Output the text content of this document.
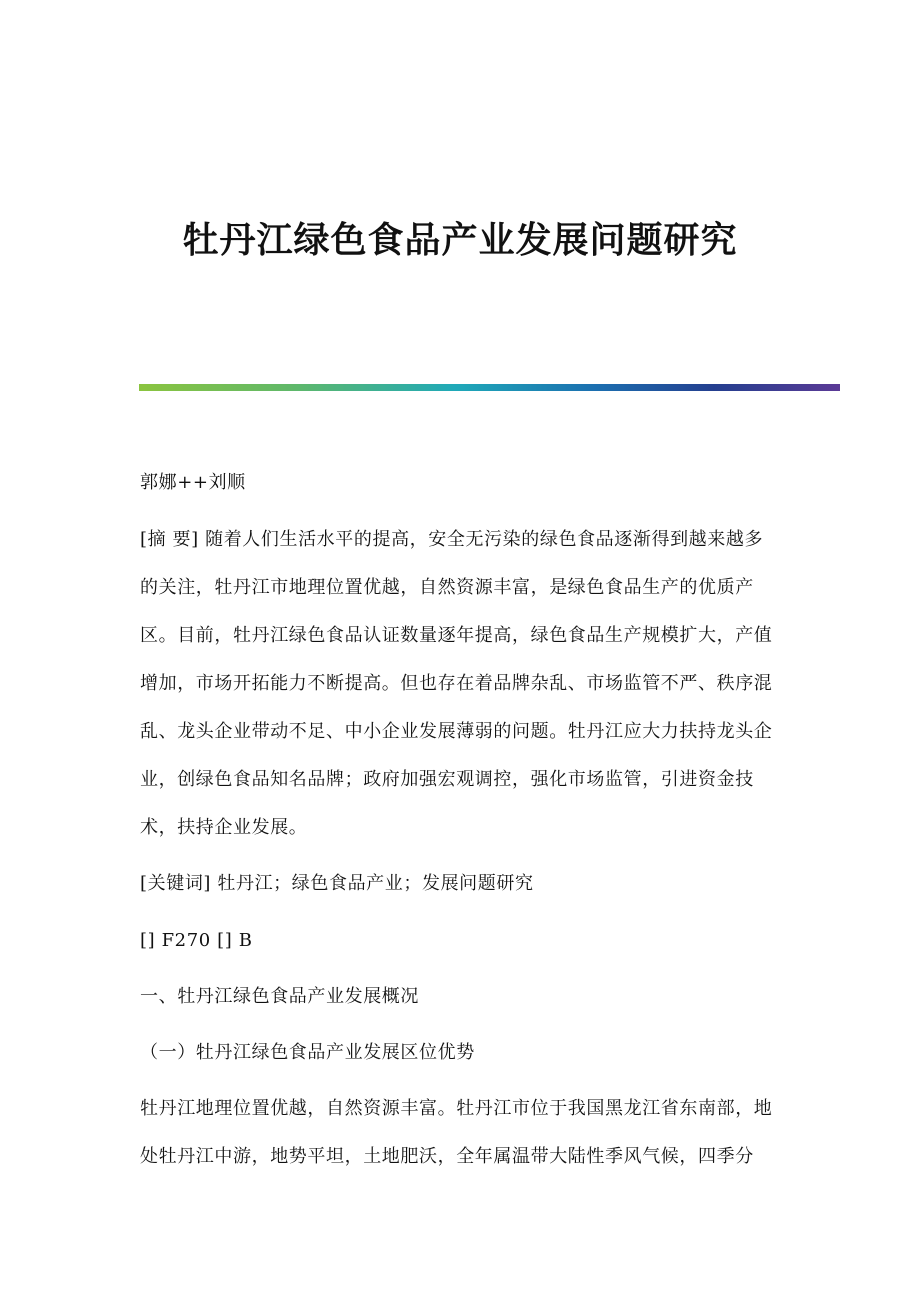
牡丹江绿色食品产业发展问题研究
郭娜++刘顺
[摘 要] 随着人们生活水平的提高，安全无污染的绿色食品逐渐得到越来越多
的关注，牡丹江市地理位置优越，自然资源丰富，是绿色食品生产的优质产
区。目前，牡丹江绿色食品认证数量逐年提高，绿色食品生产规模扩大，产值
增加，市场开拓能力不断提高。但也存在着品牌杂乱、市场监管不严、秩序混
乱、龙头企业带动不足、中小企业发展薄弱的问题。牡丹江应大力扶持龙头企
业，创绿色食品知名品牌；政府加强宏观调控，强化市场监管，引进资金技
术，扶持企业发展。
[关键词] 牡丹江；绿色食品产业；发展问题研究
[] F270 [] B
一、牡丹江绿色食品产业发展概况
（一）牡丹江绿色食品产业发展区位优势
牡丹江地理位置优越，自然资源丰富。牡丹江市位于我国黑龙江省东南部，地
处牡丹江中游，地势平坦，土地肥沃，全年属温带大陆性季风气候，四季分
